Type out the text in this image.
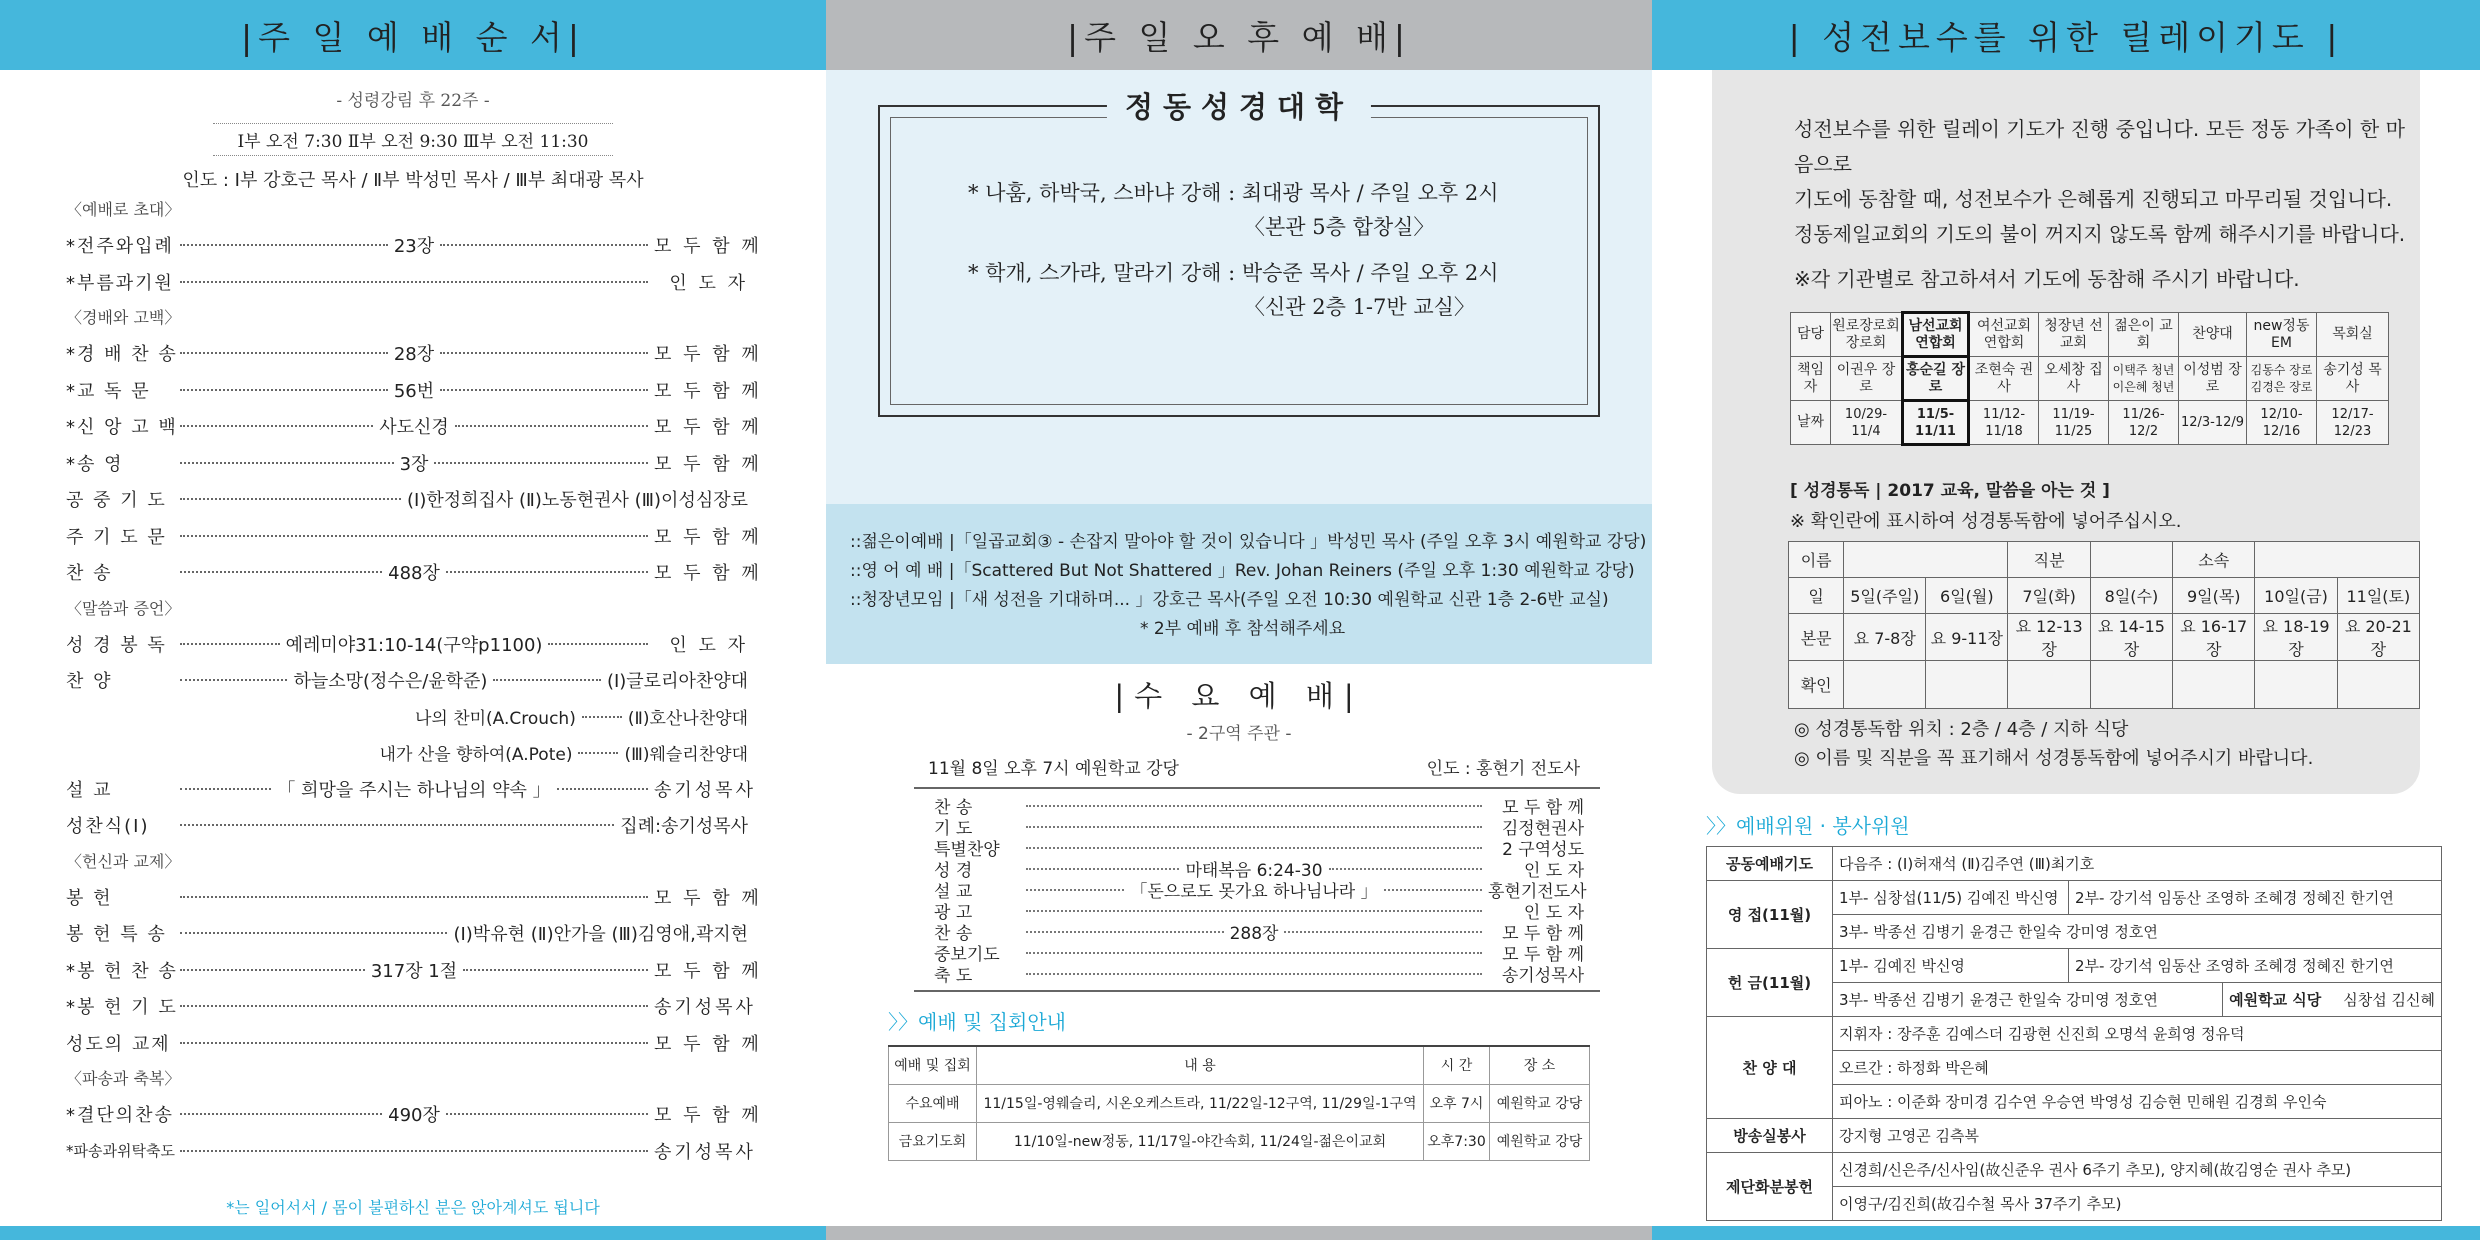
|주 일 예 배 순 서|
- 성령강림 후 22주 -
Ⅰ부 오전 7:30 Ⅱ부 오전 9:30 Ⅲ부 오전 11:30
인도 : Ⅰ부 강호근 목사 / Ⅱ부 박성민 목사 / Ⅲ부 최대광 목사
〈예배로 초대〉
*전주와입례	23장	모 두 함 께
*부름과기원	인 도 자
〈경배와 고백〉
*경 배 찬 송	28장	모 두 함 께
*교 독 문	56번	모 두 함 께
*신 앙 고 백	사도신경	모 두 함 께
*송 영	3장	모 두 함 께
공 중 기 도	(Ⅰ)한정희집사 (Ⅱ)노동현권사 (Ⅲ)이성심장로
주 기 도 문	모 두 함 께
찬 송	488장	모 두 함 께
〈말씀과 증언〉
성 경 봉 독	예레미야31:10-14(구약p1100)	인 도 자
찬 양	하늘소망(정수은/윤학준)	(Ⅰ)글로리아찬양대
나의 찬미(A.Crouch)	(Ⅱ)호산나찬양대
내가 산을 향하여(A.Pote)	(Ⅲ)웨슬리찬양대
설 교	「 희망을 주시는 하나님의 약속 」	송기성목사
성찬식(Ⅰ)	집례:송기성목사
〈헌신과 교제〉
봉 헌	모 두 함 께
봉 헌 특 송	(Ⅰ)박유현 (Ⅱ)안가을 (Ⅲ)김영애,곽지현
*봉 헌 찬 송	317장 1절	모 두 함 께
*봉 헌 기 도	송기성목사
성도의 교제	모 두 함 께
〈파송과 축복〉
*결단의찬송	490장	모 두 함 께
*파송과위탁축도	송기성목사
*는 일어서서 / 몸이 불편하신 분은 앉아계셔도 됩니다
|주 일 오 후 예 배|
정동성경대학
* 나훔, 하박국, 스바냐 강해 : 최대광 목사 / 주일 오후 2시
〈본관 5층 합창실〉
* 학개, 스가랴, 말라기 강해 : 박승준 목사 / 주일 오후 2시
〈신관 2층 1-7반 교실〉
::젊은이예배 |「일곱교회③ - 손잡지 말아야 할 것이 있습니다 」박성민 목사 (주일 오후 3시 예원학교 강당)
::영 어 예 배 |「Scattered But Not Shattered 」Rev. Johan Reiners (주일 오후 1:30 예원학교 강당)
::청장년모임 |「새 성전을 기대하며... 」강호근 목사(주일 오전 10:30 예원학교 신관 1층 2-6반 교실)
* 2부 예배 후 참석해주세요
|수 요 예 배|
- 2구역 주관 -
11월 8일 오후 7시 예원학교 강당	인도 : 홍현기 전도사
찬 송	모 두 함 께
기 도	김정현권사
특별찬양	2 구역성도
성 경	마태복음 6:24-30	인 도 자
설 교	「돈으로도 못가요 하나님나라 」	홍현기전도사
광 고	인 도 자
찬 송	288장	모 두 함 께
중보기도	모 두 함 께
축 도	송기성목사
〉〉예배 및 집회안내
예배 및 집회	내 용	시 간	장 소
수요예배	11/15일-영웨슬리, 시온오케스트라, 11/22일-12구역, 11/29일-1구역	오후 7시	예원학교 강당
금요기도회	11/10일-new정동, 11/17일-야간속회, 11/24일-젊은이교회	오후7:30	예원학교 강당
| 성전보수를 위한 릴레이기도 |
성전보수를 위한 릴레이 기도가 진행 중입니다. 모든 정동 가족이 한 마음으로
기도에 동참할 때, 성전보수가 은혜롭게 진행되고 마무리될 것입니다.
정동제일교회의 기도의 불이 꺼지지 않도록 함께 해주시기를 바랍니다.
※각 기관별로 참고하셔서 기도에 동참해 주시기 바랍니다.
담당	원로장로회 장로회	남선교회 연합회	여선교회 연합회	청장년 선교회	젊은이 교회	찬양대	new정동 EM	목회실
책임자	이권우 장로	홍순길 장로	조현숙 권사	오세창 집사	이택주 청년 이은혜 청년	이성범 장로	김동수 장로 김경은 장로	송기성 목사
날짜	10/29-11/4	11/5-11/11	11/12-11/18	11/19-11/25	11/26-12/2	12/3-12/9	12/10-12/16	12/17-12/23
[ 성경통독 | 2017 교육, 말씀을 아는 것 ]
※ 확인란에 표시하여 성경통독함에 넣어주십시오.
이름			직분		소속		
일	5일(주일)	6일(월)	7일(화)	8일(수)	9일(목)	10일(금)	11일(토)
본문	요 7-8장	요 9-11장	요 12-13장	요 14-15장	요 16-17장	요 18-19장	요 20-21장
확인							
◎ 성경통독함 위치 : 2층 / 4층 / 지하 식당
◎ 이름 및 직분을 꼭 표기해서 성경통독함에 넣어주시기 바랍니다.
〉〉예배위원 · 봉사위원
공동예배기도	다음주 : (Ⅰ)허재석 (Ⅱ)김주연 (Ⅲ)최기호		
영 접(11월)	1부- 심창섭(11/5) 김예진 박신영	2부- 강기석 임동산 조영하 조혜경 정혜진 한기연	
	3부- 박종선 김병기 윤경근 한일숙 강미영 정호연		
헌 금(11월)	1부- 김예진 박신영	2부- 강기석 임동산 조영하 조혜경 정혜진 한기연	
	3부- 박종선 김병기 윤경근 한일숙 강미영 정호연		예원학교 식당 심창섭 김신혜
찬 양 대	지휘자 : 장주훈 김예스더 김광현 신진희 오명석 윤희영 정유덕		
	오르간 : 하정화 박은혜		
	피아노 : 이준화 장미경 김수연 우승연 박영성 김승현 민해원 김경희 우인숙		
방송실봉사	강지형 고영곤 김측복		
제단화분봉헌	신경희/신은주/신사임(故신준우 권사 6주기 추모), 양지혜(故김영순 권사 추모)		
	이영구/김진희(故김수철 목사 37주기 추모)		
